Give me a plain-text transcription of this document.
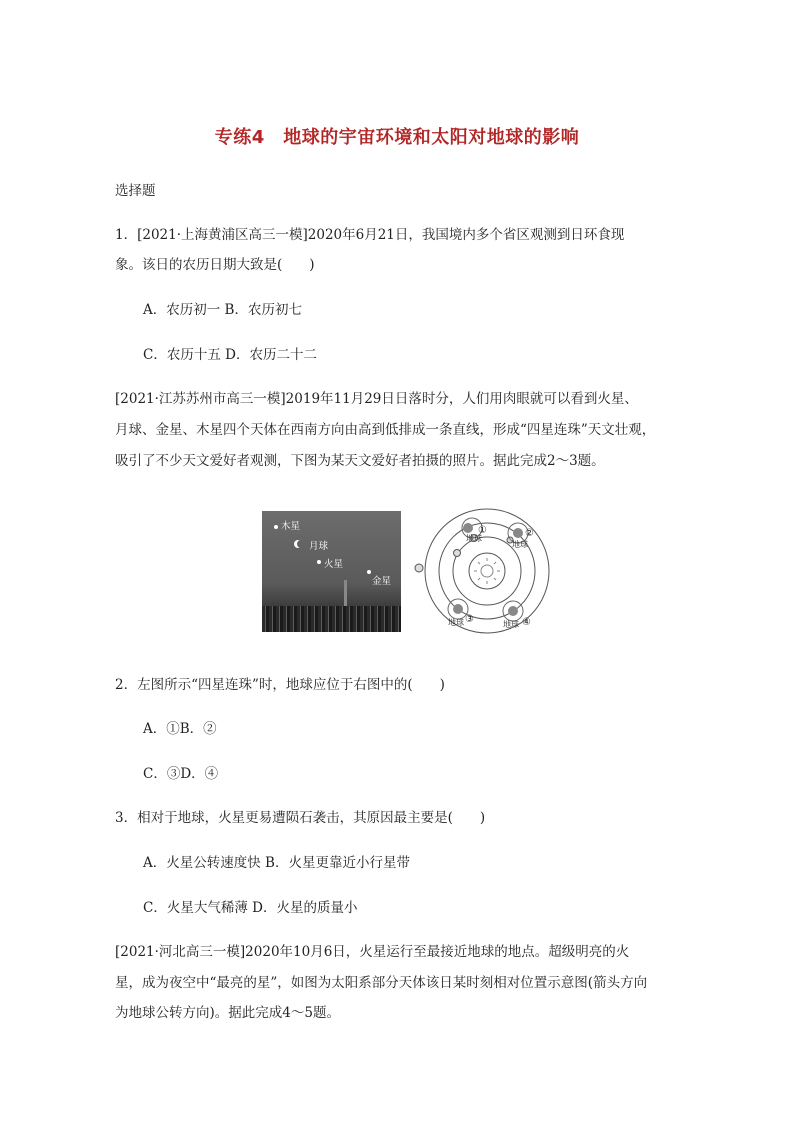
专练4　地球的宇宙环境和太阳对地球的影响
选择题
1．[2021·上海黄浦区高三一模]2020年6月21日，我国境内多个省区观测到日环食现
象。该日的农历日期大致是(　　)
A．农历初一 B．农历初七
C．农历十五 D．农历二十二
[2021·江苏苏州市高三一模]2019年11月29日日落时分，人们用肉眼就可以看到火星、
月球、金星、木星四个天体在西南方向由高到低排成一条直线，形成“四星连珠”天文壮观，
吸引了不少天文爱好者观测，下图为某天文爱好者拍摄的照片。据此完成2～3题。
木星
月球
火星
金星
地球
①
地球
②
地球 ③	地球 ④
2．左图所示“四星连珠”时，地球应位于右图中的(　　)
A．①B．②
C．③D．④
3．相对于地球，火星更易遭陨石袭击，其原因最主要是(　　)
A．火星公转速度快 B．火星更靠近小行星带
C．火星大气稀薄 D．火星的质量小
[2021·河北高三一模]2020年10月6日，火星运行至最接近地球的地点。超级明亮的火
星，成为夜空中“最亮的星”，如图为太阳系部分天体该日某时刻相对位置示意图(箭头方向
为地球公转方向)。据此完成4～5题。
